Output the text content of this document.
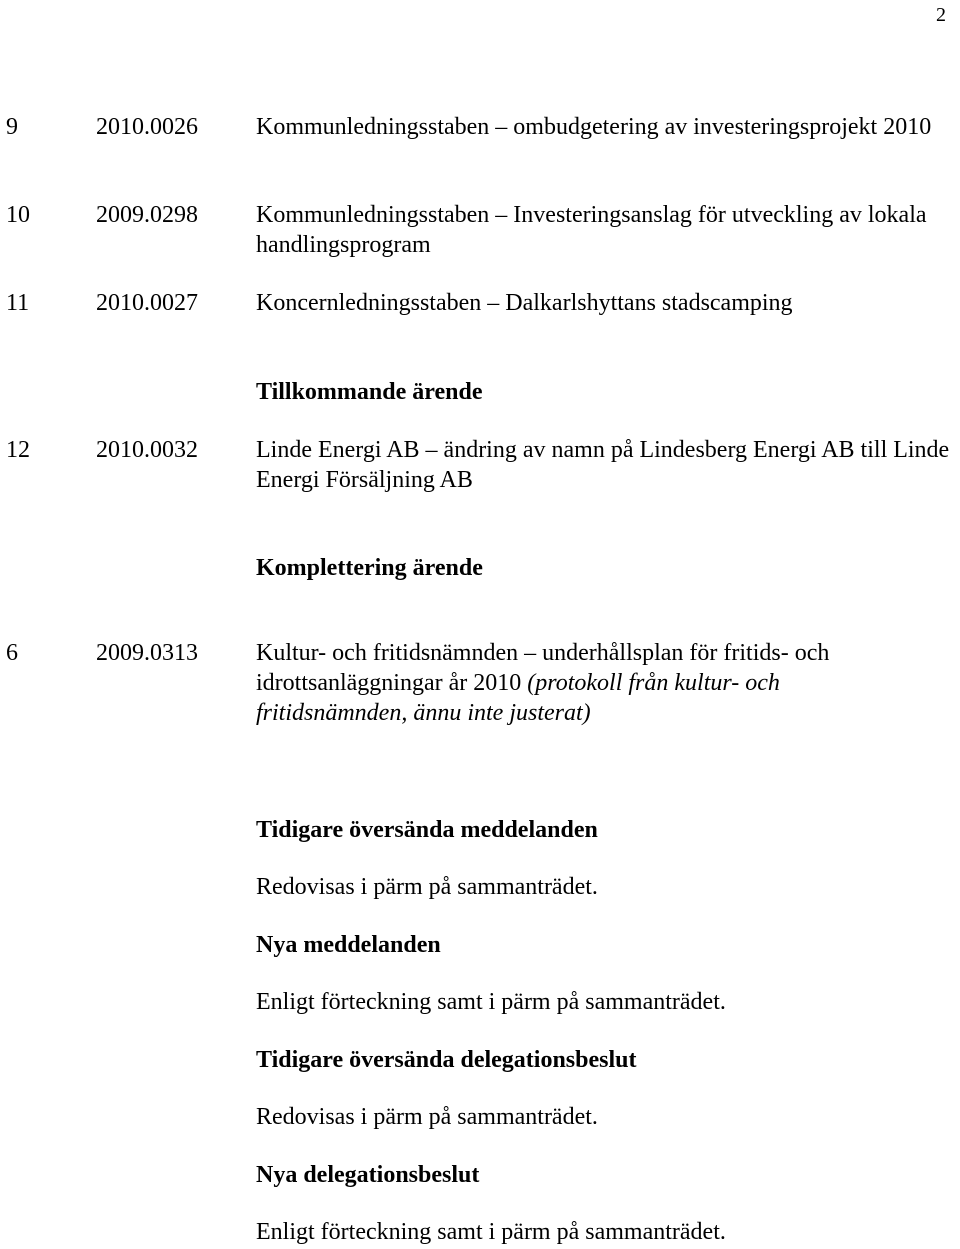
2
9	2010.0026 Kommunledningsstaben – ombudgetering av investeringsprojekt 2010
10	2009.0298 Kommunledningsstaben – Investeringsanslag för utveckling av lokala handlingsprogram
11	2010.0027 Koncernledningsstaben – Dalkarlshyttans stadscamping
Tillkommande ärende
12	2010.0032 Linde Energi AB – ändring av namn på Lindesberg Energi AB till Linde Energi Försäljning AB
Komplettering ärende
6	2009.0313 Kultur- och fritidsnämnden – underhållsplan för fritids- och idrottsanläggningar år 2010 (protokoll från kultur- och fritidsnämnden, ännu inte justerat)
Tidigare översända meddelanden
Redovisas i pärm på sammanträdet.
Nya meddelanden
Enligt förteckning samt i pärm på sammanträdet.
Tidigare översända delegationsbeslut
Redovisas i pärm på sammanträdet.
Nya delegationsbeslut
Enligt förteckning samt i pärm på sammanträdet.
